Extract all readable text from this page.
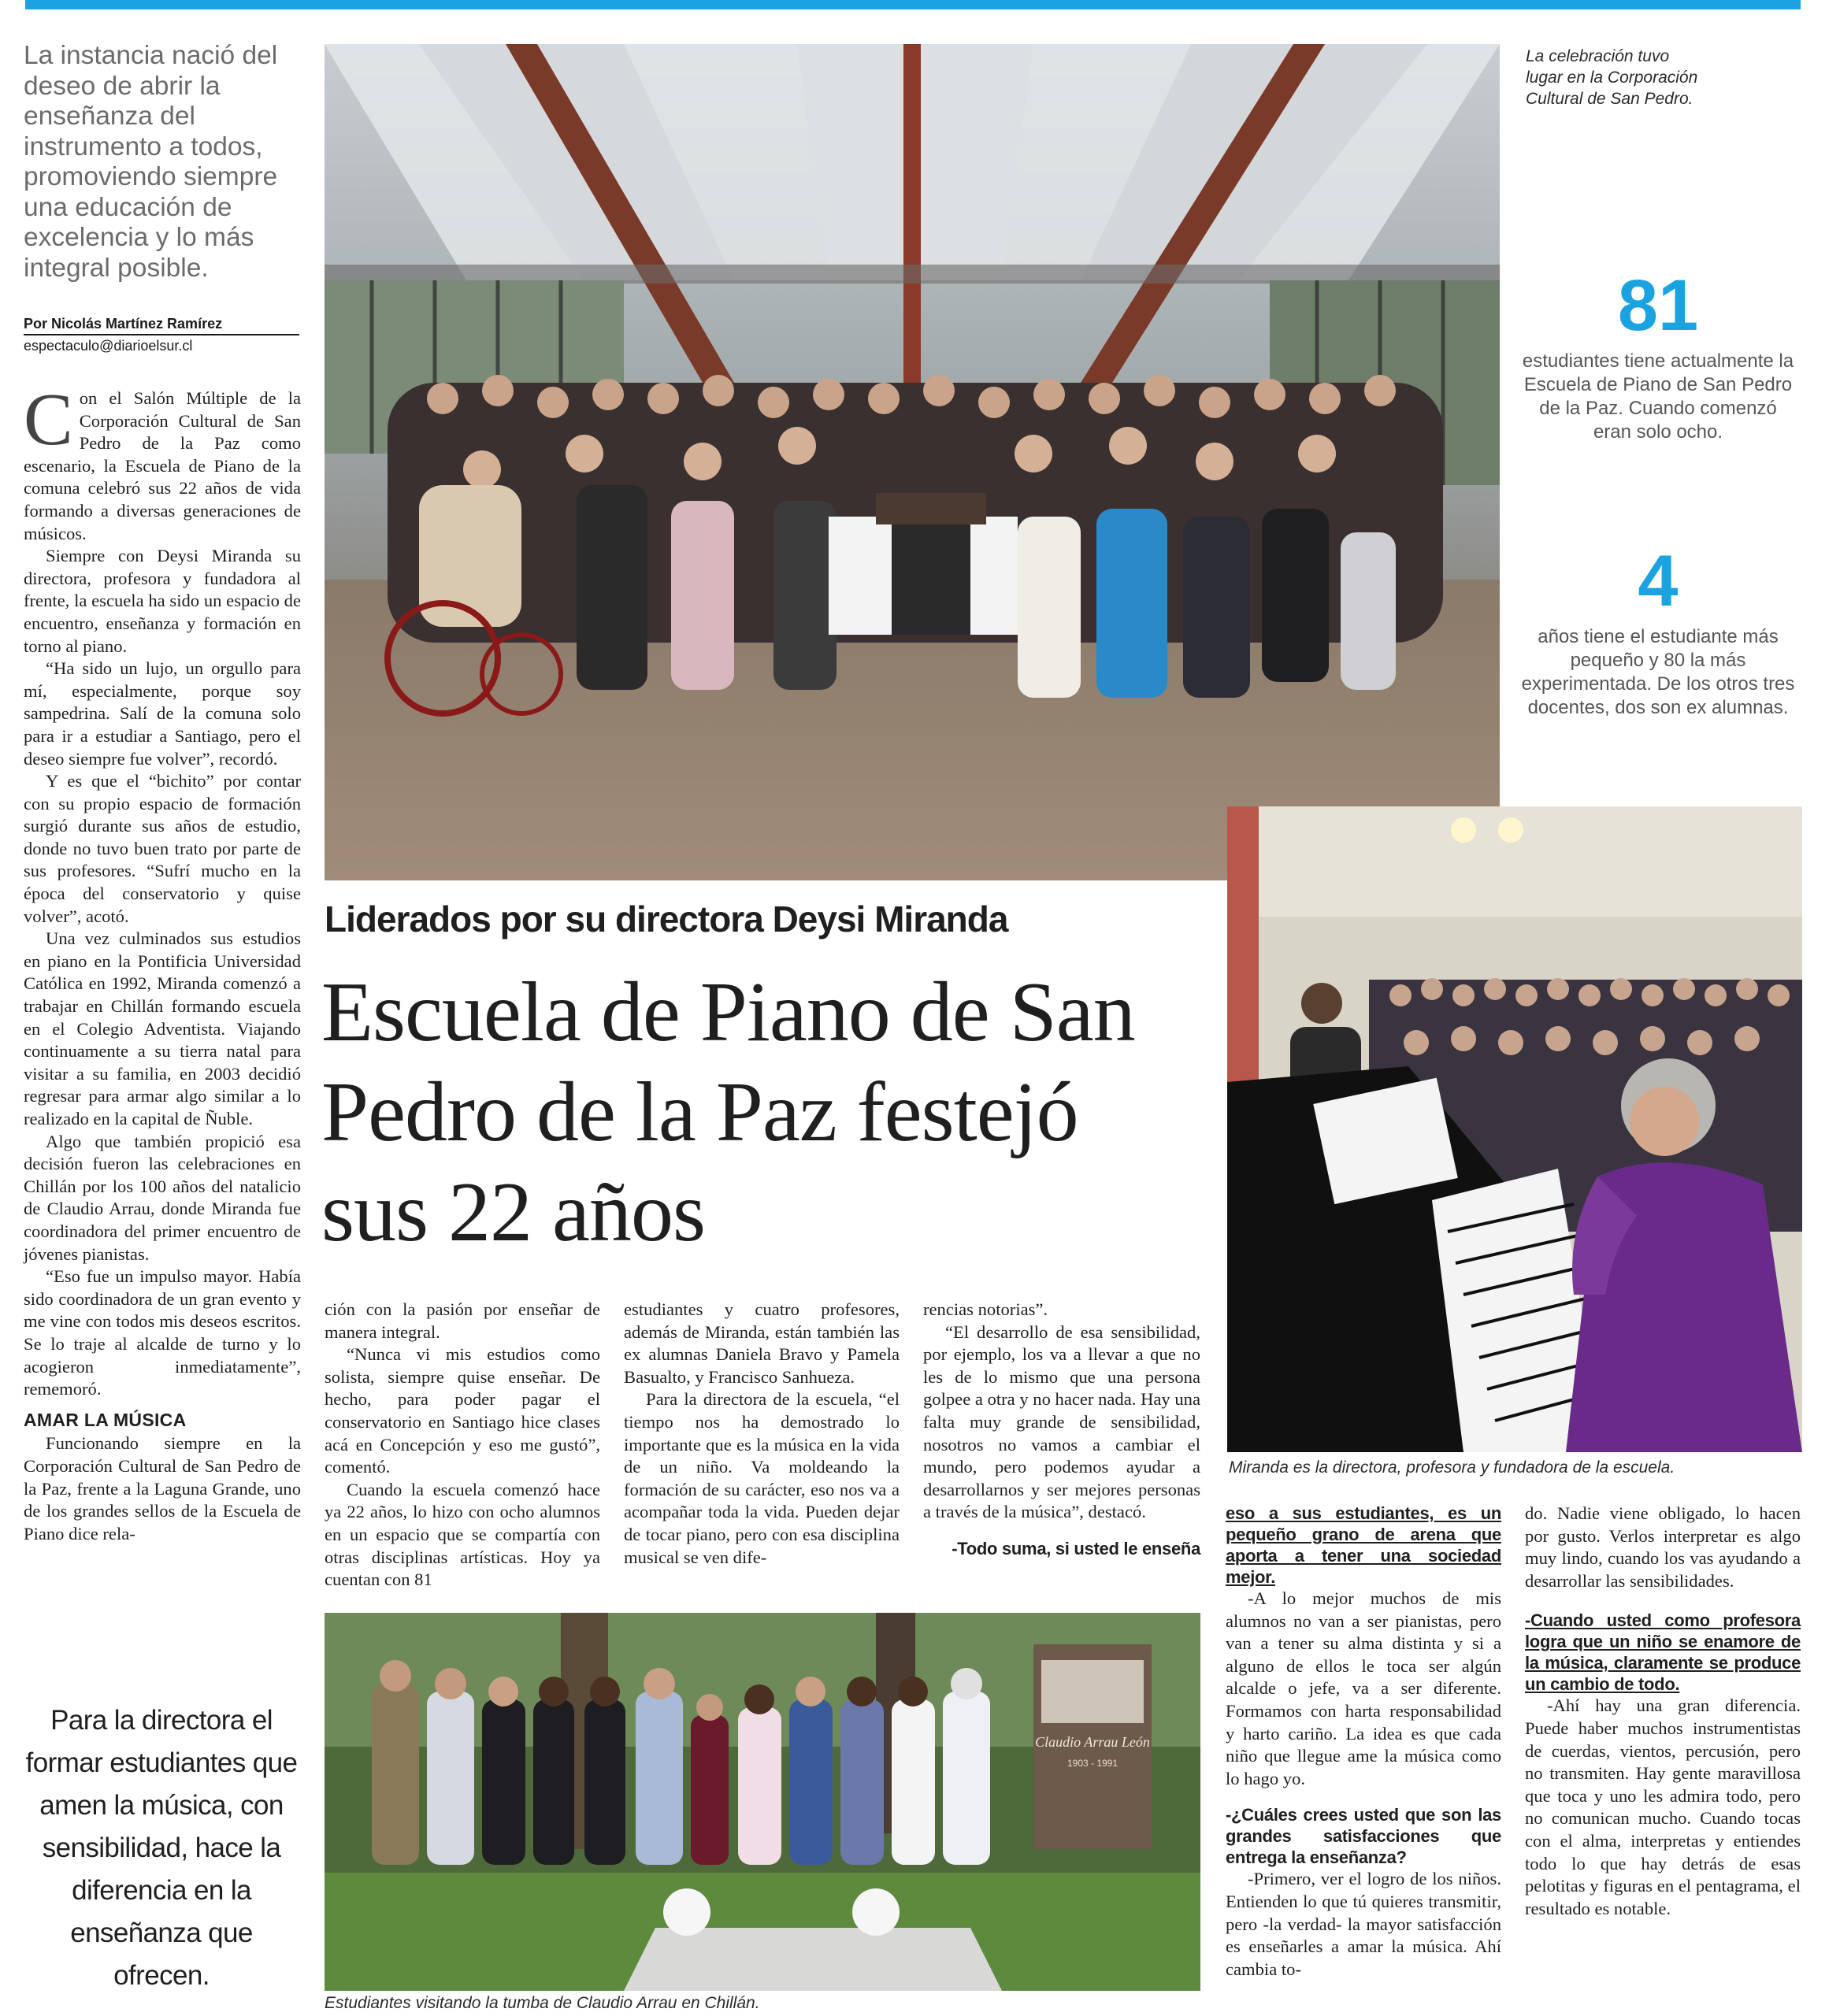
La instancia nació del deseo de abrir la enseñanza del instrumento a todos, promoviendo siempre una educación de excelencia y lo más integral posible.
Por Nicolás Martínez Ramírez
espectaculo@diarioelsur.cl

Con el Salón Múltiple de la Corporación Cultural de San Pedro de la Paz como escenario, la Escuela de Piano de la comuna celebró sus 22 años de vida formando a diversas generaciones de músicos.

Siempre con Deysi Miranda su directora, profesora y fundadora al frente, la escuela ha sido un espacio de encuentro, enseñanza y formación en torno al piano.

“Ha sido un lujo, un orgullo para mí, especialmente, porque soy sampedrina. Salí de la comuna solo para ir a estudiar a Santiago, pero el deseo siempre fue volver”, recordó.

Y es que el “bichito” por contar con su propio espacio de formación surgió durante sus años de estudio, donde no tuvo buen trato por parte de sus profesores. “Sufrí mucho en la época del conservatorio y quise volver”, acotó.

Una vez culminados sus estudios en piano en la Pontificia Universidad Católica en 1992, Miranda comenzó a trabajar en Chillán formando escuela en el Colegio Adventista. Viajando continuamente a su tierra natal para visitar a su familia, en 2003 decidió regresar para armar algo similar a lo realizado en la capital de Ñuble.

Algo que también propició esa decisión fueron las celebraciones en Chillán por los 100 años del natalicio de Claudio Arrau, donde Miranda fue coordinadora del primer encuentro de jóvenes pianistas.

“Eso fue un impulso mayor. Había sido coordinadora de un gran evento y me vine con todos mis deseos escritos. Se lo traje al alcalde de turno y lo acogieron inmediatamente”, rememoró.

AMAR LA MÚSICA

Funcionando siempre en la Corporación Cultural de San Pedro de la Paz, frente a la Laguna Grande, uno de los grandes sellos de la Escuela de Piano dice rela-

Para la directora el formar estudiantes que amen la música, con sensibilidad, hace la diferencia en la enseñanza que ofrecen.
La celebración tuvo lugar en la Corporación Cultural de San Pedro.
81
estudiantes tiene actualmente la Escuela de Piano de San Pedro de la Paz. Cuando comenzó eran solo ocho.
4
años tiene el estudiante más pequeño y 80 la más experimentada. De los otros tres docentes, dos son ex alumnas.
Miranda es la directora, profesora y fundadora de la escuela.
Liderados por su directora Deysi Miranda
Escuela de Piano de San Pedro de la Paz festejó sus 22 años

ción con la pasión por enseñar de manera integral.

“Nunca vi mis estudios como solista, siempre quise enseñar. De hecho, para poder pagar el conservatorio en Santiago hice clases acá en Concepción y eso me gustó”, comentó.

Cuando la escuela comenzó hace ya 22 años, lo hizo con ocho alumnos en un espacio que se compartía con otras disciplinas artísticas. Hoy ya cuentan con 81

estudiantes y cuatro profesores, además de Miranda, están también las ex alumnas Daniela Bravo y Pamela Basualto, y Francisco Sanhueza.

Para la directora de la escuela, “el tiempo nos ha demostrado lo importante que es la música en la vida de un niño. Va moldeando la formación de su carácter, eso nos va a acompañar toda la vida. Pueden dejar de tocar piano, pero con esa disciplina musical se ven dife-

rencias notorias”.

“El desarrollo de esa sensibilidad, por ejemplo, los va a llevar a que no les de lo mismo que una persona golpee a otra y no hacer nada. Hay una falta muy grande de sensibilidad, nosotros no vamos a cambiar el mundo, pero podemos ayudar a desarrollarnos y ser mejores personas a través de la música”, destacó.

-Todo suma, si usted le enseña

Claudio Arrau León
1903 - 1991
Estudiantes visitando la tumba de Claudio Arrau en Chillán.

eso a sus estudiantes, es un pequeño grano de arena que aporta a tener una sociedad mejor.

-A lo mejor muchos de mis alumnos no van a ser pianistas, pero van a tener su alma distinta y si a alguno de ellos le toca ser algún alcalde o jefe, va a ser diferente. Formamos con harta responsabilidad y harto cariño. La idea es que cada niño que llegue ame la música como lo hago yo.

-¿Cuáles crees usted que son las grandes satisfacciones que entrega la enseñanza?

-Primero, ver el logro de los niños. Entienden lo que tú quieres transmitir, pero -la verdad- la mayor satisfacción es enseñarles a amar la música. Ahí cambia to-

do. Nadie viene obligado, lo hacen por gusto. Verlos interpretar es algo muy lindo, cuando los vas ayudando a desarrollar las sensibilidades.

-Cuando usted como profesora logra que un niño se enamore de la música, claramente se produce un cambio de todo.

-Ahí hay una gran diferencia. Puede haber muchos instrumentistas de cuerdas, vientos, percusión, pero no transmiten. Hay gente maravillosa que toca y uno les admira todo, pero no comunican mucho. Cuando tocas con el alma, interpretas y entiendes todo lo que hay detrás de esas pelotitas y figuras en el pentagrama, el resultado es notable.
